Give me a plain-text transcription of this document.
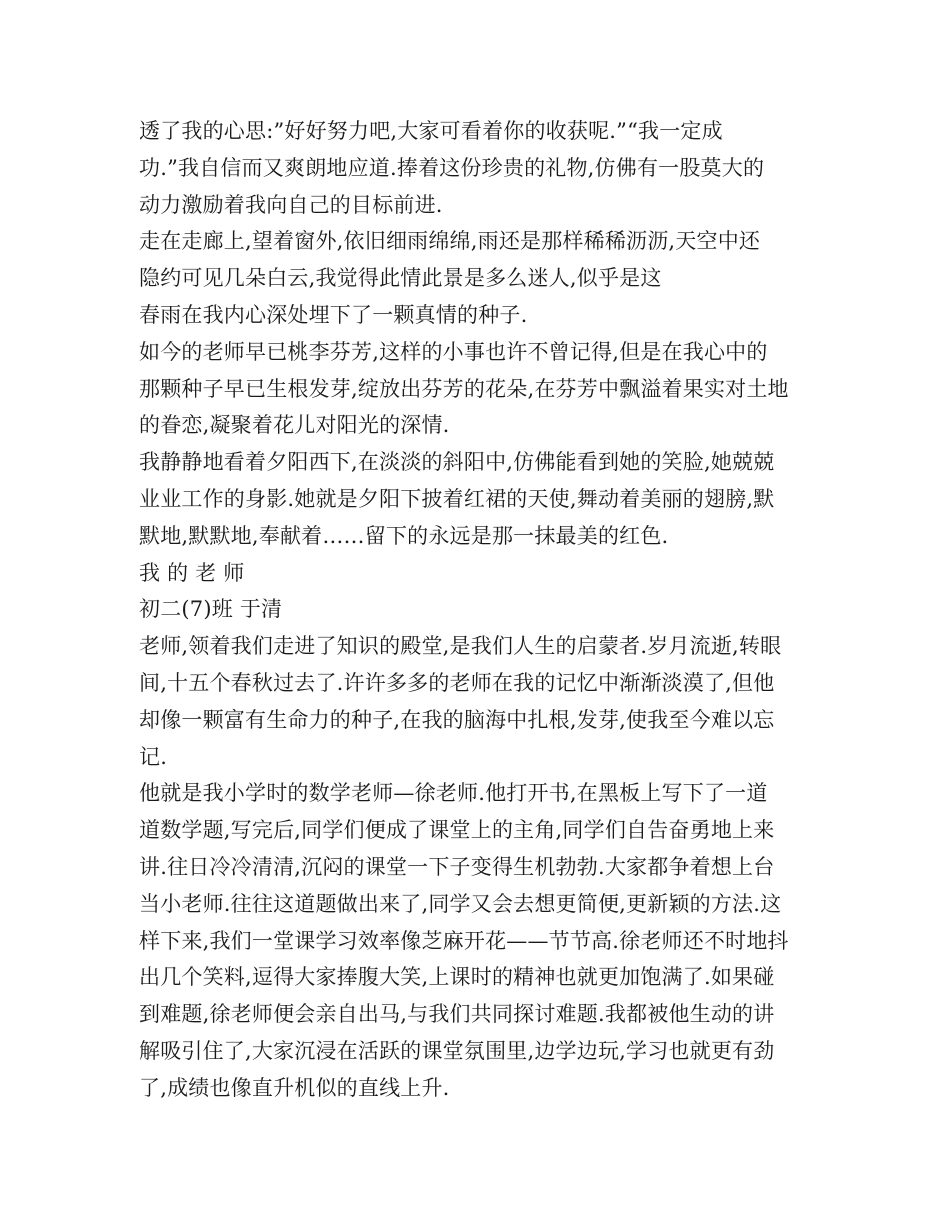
透了我的心思:”好好努力吧,大家可看着你的收获呢.”“我一定成
功.”我自信而又爽朗地应道.捧着这份珍贵的礼物,仿佛有一股莫大的
动力激励着我向自己的目标前进.
走在走廊上,望着窗外,依旧细雨绵绵,雨还是那样稀稀沥沥,天空中还
隐约可见几朵白云,我觉得此情此景是多么迷人,似乎是这
春雨在我内心深处埋下了一颗真情的种子.
如今的老师早已桃李芬芳,这样的小事也许不曾记得,但是在我心中的
那颗种子早已生根发芽,绽放出芬芳的花朵,在芬芳中飘溢着果实对土地
的眷恋,凝聚着花儿对阳光的深情.
我静静地看着夕阳西下,在淡淡的斜阳中,仿佛能看到她的笑脸,她兢兢
业业工作的身影.她就是夕阳下披着红裙的天使,舞动着美丽的翅膀,默
默地,默默地,奉献着……留下的永远是那一抹最美的红色.
我 的 老 师
初二(7)班 于清
老师,领着我们走进了知识的殿堂,是我们人生的启蒙者.岁月流逝,转眼
间,十五个春秋过去了.许许多多的老师在我的记忆中渐渐淡漠了,但他
却像一颗富有生命力的种子,在我的脑海中扎根,发芽,使我至今难以忘
记.
他就是我小学时的数学老师—徐老师.他打开书,在黑板上写下了一道
道数学题,写完后,同学们便成了课堂上的主角,同学们自告奋勇地上来
讲.往日冷冷清清,沉闷的课堂一下子变得生机勃勃.大家都争着想上台
当小老师.往往这道题做出来了,同学又会去想更简便,更新颖的方法.这
样下来,我们一堂课学习效率像芝麻开花——节节高.徐老师还不时地抖
出几个笑料,逗得大家捧腹大笑,上课时的精神也就更加饱满了.如果碰
到难题,徐老师便会亲自出马,与我们共同探讨难题.我都被他生动的讲
解吸引住了,大家沉浸在活跃的课堂氛围里,边学边玩,学习也就更有劲
了,成绩也像直升机似的直线上升.
